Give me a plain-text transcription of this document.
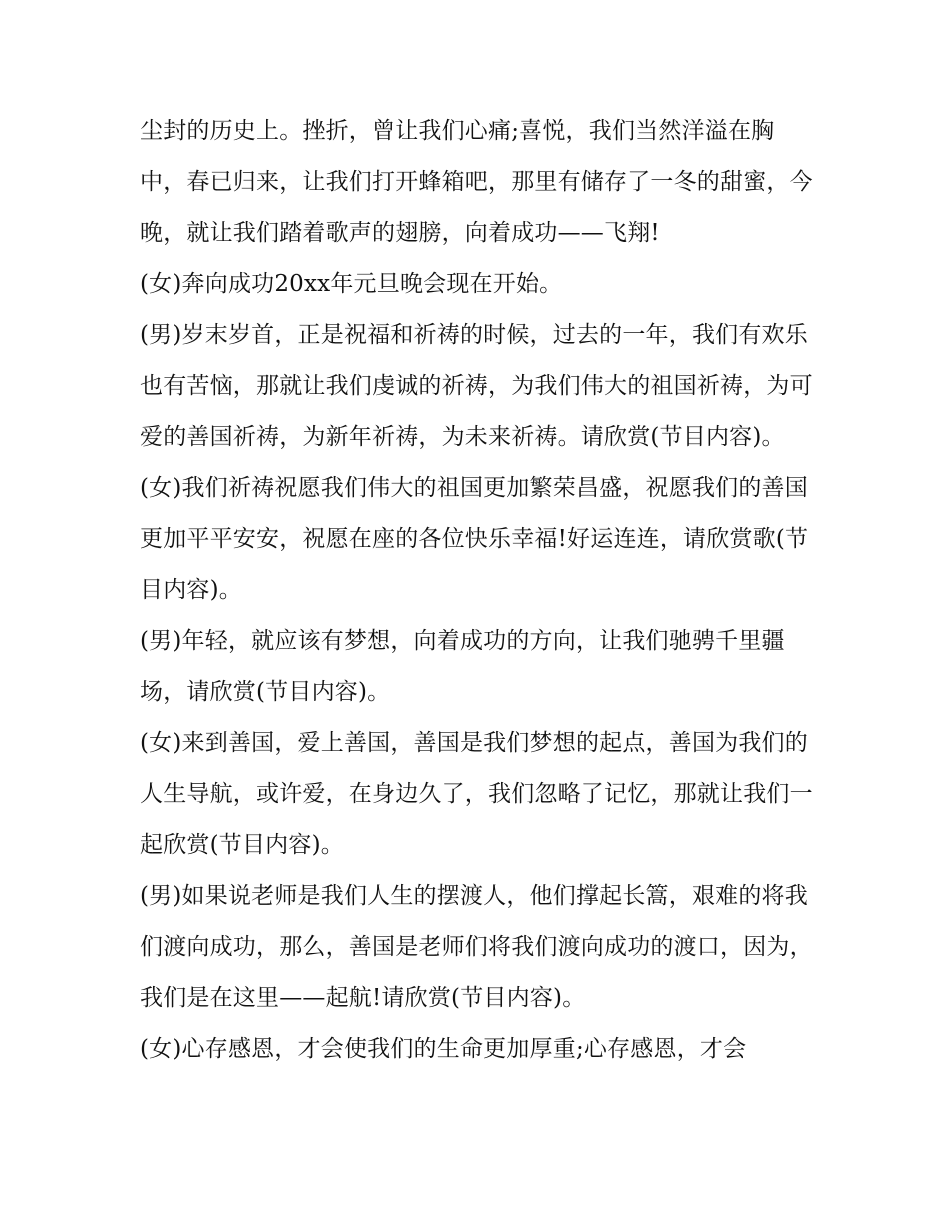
尘封的历史上。挫折，曾让我们心痛;喜悦，我们当然洋溢在胸中，春已归来，让我们打开蜂箱吧，那里有储存了一冬的甜蜜，今晚，就让我们踏着歌声的翅膀，向着成功——飞翔!

(女)奔向成功20xx年元旦晚会现在开始。

(男)岁末岁首，正是祝福和祈祷的时候，过去的一年，我们有欢乐也有苦恼，那就让我们虔诚的祈祷，为我们伟大的祖国祈祷，为可爱的善国祈祷，为新年祈祷，为未来祈祷。请欣赏(节目内容)。

(女)我们祈祷祝愿我们伟大的祖国更加繁荣昌盛，祝愿我们的善国更加平平安安，祝愿在座的各位快乐幸福!好运连连，请欣赏歌(节目内容)。

(男)年轻，就应该有梦想，向着成功的方向，让我们驰骋千里疆场，请欣赏(节目内容)。

(女)来到善国，爱上善国，善国是我们梦想的起点，善国为我们的人生导航，或许爱，在身边久了，我们忽略了记忆，那就让我们一起欣赏(节目内容)。

(男)如果说老师是我们人生的摆渡人，他们撑起长篙，艰难的将我们渡向成功，那么，善国是老师们将我们渡向成功的渡口，因为，我们是在这里——起航!请欣赏(节目内容)。

(女)心存感恩，才会使我们的生命更加厚重;心存感恩，才会
